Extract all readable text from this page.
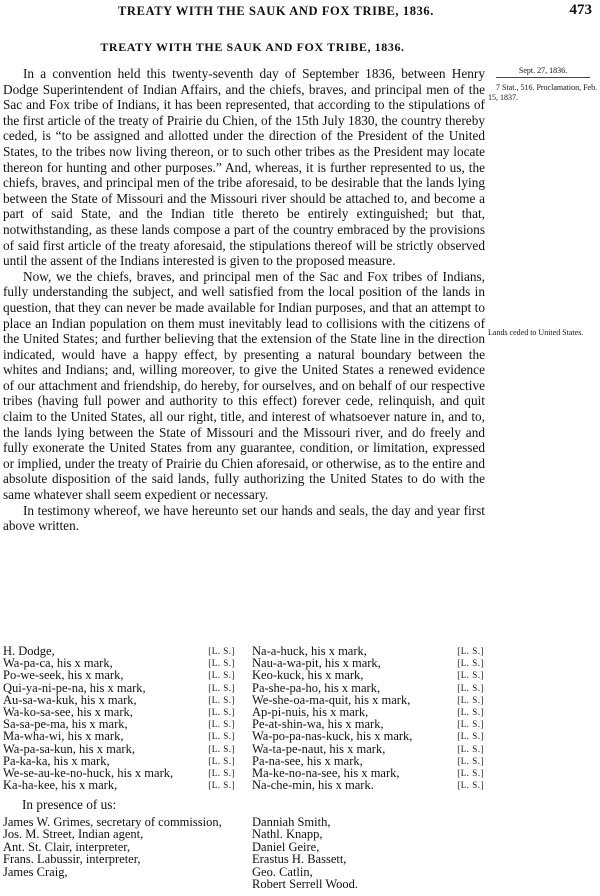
TREATY WITH THE SAUK AND FOX TRIBE, 1836.	473
TREATY WITH THE SAUK AND FOX TRIBE, 1836.

In a convention held this twenty-seventh day of September 1836, between Henry Dodge Superintendent of Indian Affairs, and the chiefs, braves, and principal men of the Sac and Fox tribe of Indians, it has been represented, that according to the stipulations of the first article of the treaty of Prairie du Chien, of the 15th July 1830, the country thereby ceded, is “to be assigned and allotted under the direction of the President of the United States, to the tribes now living thereon, or to such other tribes as the President may locate thereon for hunting and other purposes.” And, whereas, it is further represented to us, the chiefs, braves, and principal men of the tribe aforesaid, to be desirable that the lands lying between the State of Missouri and the Missouri river should be attached to, and become a part of said State, and the Indian title thereto be entirely extinguished; but that, notwithstanding, as these lands compose a part of the country embraced by the provisions of said first article of the treaty aforesaid, the stipulations thereof will be strictly observed until the assent of the Indians interested is given to the proposed measure.

Now, we the chiefs, braves, and principal men of the Sac and Fox tribes of Indians, fully understanding the subject, and well satisfied from the local position of the lands in question, that they can never be made available for Indian purposes, and that an attempt to place an Indian population on them must inevitably lead to collisions with the citizens of the United States; and further believing that the extension of the State line in the direction indicated, would have a happy effect, by presenting a natural boundary between the whites and Indians; and, willing moreover, to give the United States a renewed evidence of our attachment and friendship, do hereby, for ourselves, and on behalf of our respective tribes (having full power and authority to this effect) forever cede, relinquish, and quit claim to the United States, all our right, title, and interest of whatsoever nature in, and to, the lands lying between the State of Missouri and the Missouri river, and do freely and fully exonerate the United States from any guarantee, condition, or limitation, expressed or implied, under the treaty of Prairie du Chien aforesaid, or otherwise, as to the entire and absolute disposition of the said lands, fully authorizing the United States to do with the same whatever shall seem expedient or necessary.

In testimony whereof, we have hereunto set our hands and seals, the day and year first above written.

Sept. 27, 1836.
7 Stat., 516. Proclamation, Feb. 15, 1837.
Lands ceded to United States.
H. Dodge,	[L. S.]
Wa-pa-ca, his x mark,	[L. S.]
Po-we-seek, his x mark,	[L. S.]
Qui-ya-ni-pe-na, his x mark,	[L. S.]
Au-sa-wa-kuk, his x mark,	[L. S.]
Wa-ko-sa-see, his x mark,	[L. S.]
Sa-sa-pe-ma, his x mark,	[L. S.]
Ma-wha-wi, his x mark,	[L. S.]
Wa-pa-sa-kun, his x mark,	[L. S.]
Pa-ka-ka, his x mark,	[L. S.]
We-se-au-ke-no-huck, his x mark,	[L. S.]
Ka-ha-kee, his x mark,	[L. S.]
Na-a-huck, his x mark,	[L. S.]
Nau-a-wa-pit, his x mark,	[L. S.]
Keo-kuck, his x mark,	[L. S.]
Pa-she-pa-ho, his x mark,	[L. S.]
We-she-oa-ma-quit, his x mark,	[L. S.]
Ap-pi-nuis, his x mark,	[L. S.]
Pe-at-shin-wa, his x mark,	[L. S.]
Wa-po-pa-nas-kuck, his x mark,	[L. S.]
Wa-ta-pe-naut, his x mark,	[L. S.]
Pa-na-see, his x mark,	[L. S.]
Ma-ke-no-na-see, his x mark,	[L. S.]
Na-che-min, his x mark.	[L. S.]
In presence of us:
James W. Grimes, secretary of commission,
Jos. M. Street, Indian agent,
Ant. St. Clair, interpreter,
Frans. Labussir, interpreter,
James Craig,
Danniah Smith,
Nathl. Knapp,
Daniel Geire,
Erastus H. Bassett,
Geo. Catlin,
Robert Serrell Wood.
